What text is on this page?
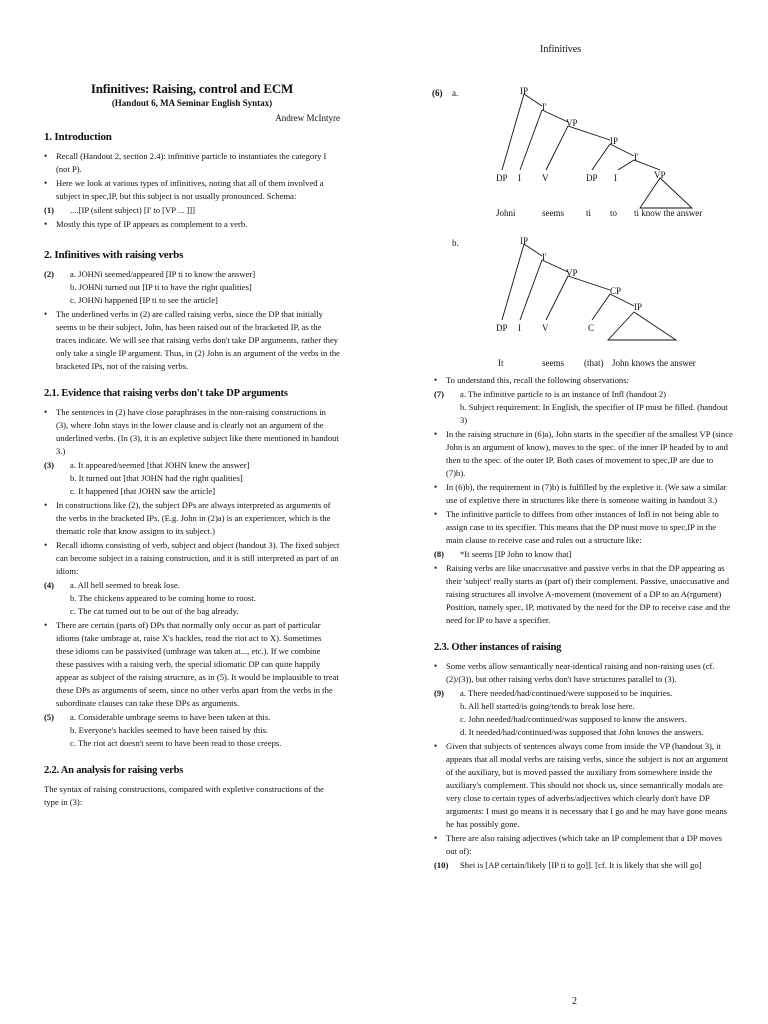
Infinitives
Infinitives: Raising, control and ECM
(Handout 6, MA Seminar English Syntax)
Andrew McIntyre
1. Introduction
• Recall (Handout 2, section 2.4): infinitive particle to instantiates the category I (not P).
• Here we look at various types of infinitives, noting that all of them involved a subject in spec,IP, but this subject is not usually pronounced. Schema:
(1)	....[IP (silent subject) [I' to [VP ... ]]]
• Mostly this type of IP appears as complement to a verb.
2. Infinitives with raising verbs
(2)	a. JOHNi seemed/appeared [IP ti to know the answer]
b. JOHNi turned out [IP ti to have the right qualities]
c. JOHNi happened [IP ti to see the article]
• The underlined verbs in (2) are called raising verbs, since the DP that initially seems to be their subject, John, has been raised out of the bracketed IP, as the traces indicate. We will see that raising verbs don't take DP arguments, rather they only take a single IP argument. Thus, in (2) John is an argument of the verbs in the bracketed IPs, not of the raising verbs.
2.1. Evidence that raising verbs don't take DP arguments
• The sentences in (2) have close paraphrases in the non-raising constructions in (3), where John stays in the lower clause and is clearly not an argument of the underlined verbs. (In (3), it is an expletive subject like there mentioned in handout 3.)
(3)	a. It appeared/seemed [that JOHN knew the answer]
b. It turned out [that JOHN had the right qualities]
c. It happened [that JOHN saw the article]
• In constructions like (2), the subject DPs are always interpreted as arguments of the verbs in the bracketed IPs. (E.g. John in (2)a) is an experiencer, which is the thematic role that know assigns to its subject.)
• Recall idioms consisting of verb, subject and object (handout 3). The fixed subject can become subject in a raising construction, and it is still interpreted as part of an idiom:
(4)	a. All hell seemed to break lose.
b. The chickens appeared to be coming home to roost.
c. The cat turned out to be out of the bag already.
• There are certain (parts of) DPs that normally only occur as part of particular idioms (take umbrage at, raise X's hackles, read the riot act to X). Sometimes these idioms can be passivised (umbrage was taken at..., etc.). If we combine these passives with a raising verb, the special idiomatic DP can quite happily appear as subject of the raising structure, as in (5). It would be implausible to treat these DPs as arguments of seem, since no other verbs apart from the verbs in the subordinate clauses can take these DPs as arguments.
(5)	a. Considerable umbrage seems to have been taken at this.
b. Everyone's hackles seemed to have been raised by this.
c. The riot act doesn't seem to have been read to those creeps.
2.2. An analysis for raising verbs
The syntax of raising constructions, compared with expletive constructions of the type in (3):
(6) a.
b.
IP
I'
VP
IP
I'
VP
DP I V	DP I
Johni	seems ti to ti know the answer
IP
I'
VP
CP
IP
DP I V	C
It	seems (that) John knows the answer
• To understand this, recall the following observations:
(7)	a. The infinitive particle to is an instance of Infl (handout 2)
b. Subject requirement: In English, the specifier of IP must be filled. (handout 3)
• In the raising structure in (6)a), John starts in the specifier of the smallest VP (since John is an argument of know), moves to the spec. of the inner IP headed by to and then to the spec. of the outer IP. Both cases of movement to spec,IP are due to (7)b).
• In (6)b), the requirement in (7)b) is fulfilled by the expletive it. (We saw a similar use of expletive there in structures like there is someone waiting in handout 3.)
• The infinitive particle to differs from other instances of Infl in not being able to assign case to its specifier. This means that the DP must move to spec,IP in the main clause to receive case and rules out a structure like:
(8)	*It seems [IP John to know that]
• Raising verbs are like unaccusative and passive verbs in that the DP appearing as their 'subject' really starts as (part of) their complement. Passive, unaccusative and raising structures all involve A-movement (movement of a DP to an A(rgument) Position, namely spec, IP, motivated by the need for the DP to receive case and the need for IP to have a specifier.
2.3. Other instances of raising
• Some verbs allow semantically near-identical raising and non-raising uses (cf. (2)/(3)), but other raising verbs don't have structures parallel to (3).
(9)	a. There needed/had/continued/were supposed to be inquiries.
b. All hell started/is going/tends to break lose here.
c. John needed/had/continued/was supposed to know the answers.
d. It needed/had/continued/was supposed that John knows the answers.
• Given that subjects of sentences always come from inside the VP (handout 3), it appears that all modal verbs are raising verbs, since the subject is not an argument of the auxiliary, but is moved passed the auxiliary from somewhere inside the auxiliary's complement. This should not shock us, since semantically modals are very close to certain types of adverbs/adjectives which clearly don't have DP arguments: I must go means it is necessary that I go and he may have gone means he has possibly gone.
• There are also raising adjectives (which take an IP complement that a DP moves out of):
(10)	Shei is [AP certain/likely [IP ti to go]]. [cf. It is likely that she will go]
2
